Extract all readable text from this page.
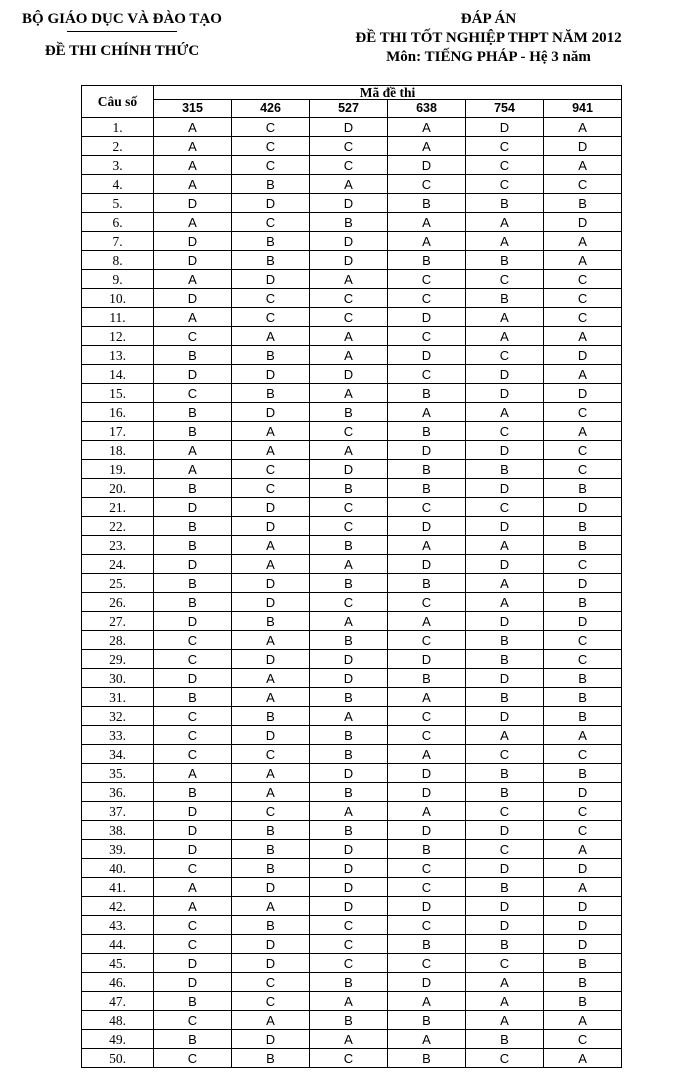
BỘ GIÁO DỤC VÀ ĐÀO TẠO
ĐỀ THI CHÍNH THỨC
ĐÁP ÁN
ĐỀ THI TỐT NGHIỆP THPT NĂM 2012
Môn: TIẾNG PHÁP - Hệ 3 năm
Câu số	Mã đề thi					
	315	426	527	638	754	941
1.	A	C	D	A	D	A
2.	A	C	C	A	C	D
3.	A	C	C	D	C	A
4.	A	B	A	C	C	C
5.	D	D	D	B	B	B
6.	A	C	B	A	A	D
7.	D	B	D	A	A	A
8.	D	B	D	B	B	A
9.	A	D	A	C	C	C
10.	D	C	C	C	B	C
11.	A	C	C	D	A	C
12.	C	A	A	C	A	A
13.	B	B	A	D	C	D
14.	D	D	D	C	D	A
15.	C	B	A	B	D	D
16.	B	D	B	A	A	C
17.	B	A	C	B	C	A
18.	A	A	A	D	D	C
19.	A	C	D	B	B	C
20.	B	C	B	B	D	B
21.	D	D	C	C	C	D
22.	B	D	C	D	D	B
23.	B	A	B	A	A	B
24.	D	A	A	D	D	C
25.	B	D	B	B	A	D
26.	B	D	C	C	A	B
27.	D	B	A	A	D	D
28.	C	A	B	C	B	C
29.	C	D	D	D	B	C
30.	D	A	D	B	D	B
31.	B	A	B	A	B	B
32.	C	B	A	C	D	B
33.	C	D	B	C	A	A
34.	C	C	B	A	C	C
35.	A	A	D	D	B	B
36.	B	A	B	D	B	D
37.	D	C	A	A	C	C
38.	D	B	B	D	D	C
39.	D	B	D	B	C	A
40.	C	B	D	C	D	D
41.	A	D	D	C	B	A
42.	A	A	D	D	D	D
43.	C	B	C	C	D	D
44.	C	D	C	B	B	D
45.	D	D	C	C	C	B
46.	D	C	B	D	A	B
47.	B	C	A	A	A	B
48.	C	A	B	B	A	A
49.	B	D	A	A	B	C
50.	C	B	C	B	C	A
